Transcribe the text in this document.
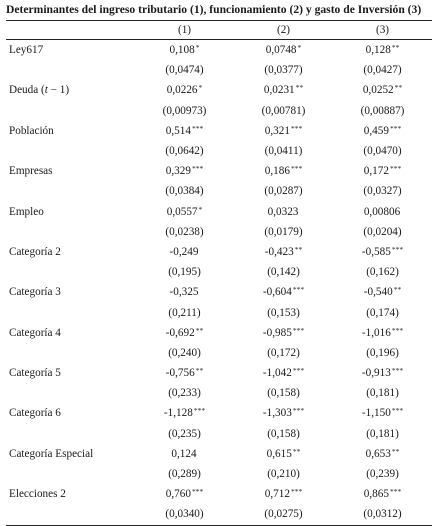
Determinantes del ingreso tributario (1), funcionamiento (2) y gasto de Inversión (3)
	(1)	(2)	(3)
Ley617	0,108*	0,0748*	0,128**
	(0,0474)	(0,0377)	(0,0427)
Deuda (t − 1)	0,0226*	0,0231**	0,0252**
	(0,00973)	(0,00781)	(0,00887)
Población	0,514***	0,321***	0,459***
	(0,0642)	(0,0411)	(0,0470)
Empresas	0,329***	0,186***	0,172***
	(0,0384)	(0,0287)	(0,0327)
Empleo	0,0557*	0,0323	0,00806
	(0,0238)	(0,0179)	(0,0204)
Categoría 2	-0,249	-0,423**	-0,585***
	(0,195)	(0,142)	(0,162)
Categoría 3	-0,325	-0,604***	-0,540**
	(0,211)	(0,153)	(0,174)
Categoría 4	-0,692**	-0,985***	-1,016***
	(0,240)	(0,172)	(0,196)
Categoría 5	-0,756**	-1,042***	-0,913***
	(0,233)	(0,158)	(0,181)
Categoría 6	-1,128***	-1,303***	-1,150***
	(0,235)	(0,158)	(0,181)
Categoría Especial	0,124	0,615**	0,653**
	(0,289)	(0,210)	(0,239)
Elecciones 2	0,760***	0,712***	0,865***
	(0,0340)	(0,0275)	(0,0312)
